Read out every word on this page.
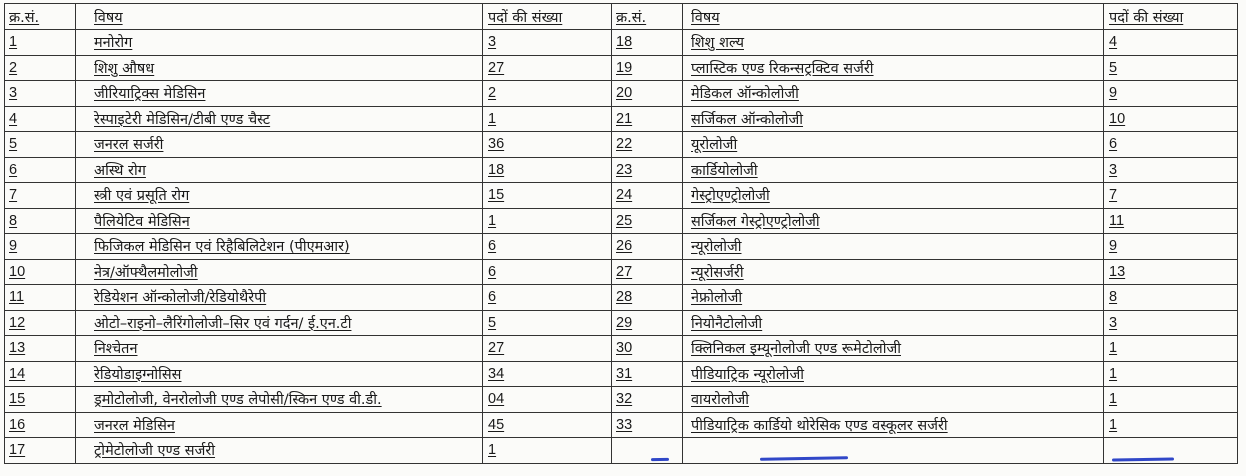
क्र.सं.	विषय	पदों की संख्या	क्र.सं.	विषय	पदों की संख्या
1	मनोरोग	3	18	शिशु शल्य	4
2	शिशु औषध	27	19	प्लास्टिक एण्ड रिकन्सट्रक्टिव सर्जरी	5
3	जीरियाट्रिक्स मेडिसिन	2	20	मेडिकल ऑन्कोलोजी	9
4	रेस्पाइटेरी मेडिसिन/टीबी एण्ड चैस्ट	1	21	सर्जिकल ऑन्कोलोजी	10
5	जनरल सर्जरी	36	22	यूरोलोजी	6
6	अस्थि रोग	18	23	कार्डियोलोजी	3
7	स्त्री एवं प्रसूति रोग	15	24	गेस्ट्रोएण्ट्रोलोजी	7
8	पैलियेटिव मेडिसिन	1	25	सर्जिकल गेस्ट्रोएण्ट्रोलोजी	11
9	फिजिकल मेडिसिन एवं रिहैबिलिटेशन (पीएमआर)	6	26	न्यूरोलोजी	9
10	नेत्र/ऑफ्थैलमोलोजी	6	27	न्यूरोसर्जरी	13
11	रेडियेशन ऑन्कोलोजी/रेडियोथैरेपी	6	28	नेफ्रोलोजी	8
12	ओटो–राइनो–लैरिंगोलोजी–सिर एवं गर्दन/ ई.एन.टी	5	29	नियोनैटोलोजी	3
13	निश्चेतन	27	30	क्लिनिकल इम्यूनोलोजी एण्ड रूमेटोलोजी	1
14	रेडियोडाइग्नोसिस	34	31	पीडियाट्रिक न्यूरोलोजी	1
15	ड्रमोटोलोजी, वेनरोलोजी एण्ड लेपोसी/स्किन एण्ड वी.डी.	04	32	वायरोलोजी	1
16	जनरल मेडिसिन	45	33	पीडियाट्रिक कार्डियो थोरेसिक एण्ड वस्कूलर सर्जरी	1
17	ट्रोमेटोलोजी एण्ड सर्जरी	1			
